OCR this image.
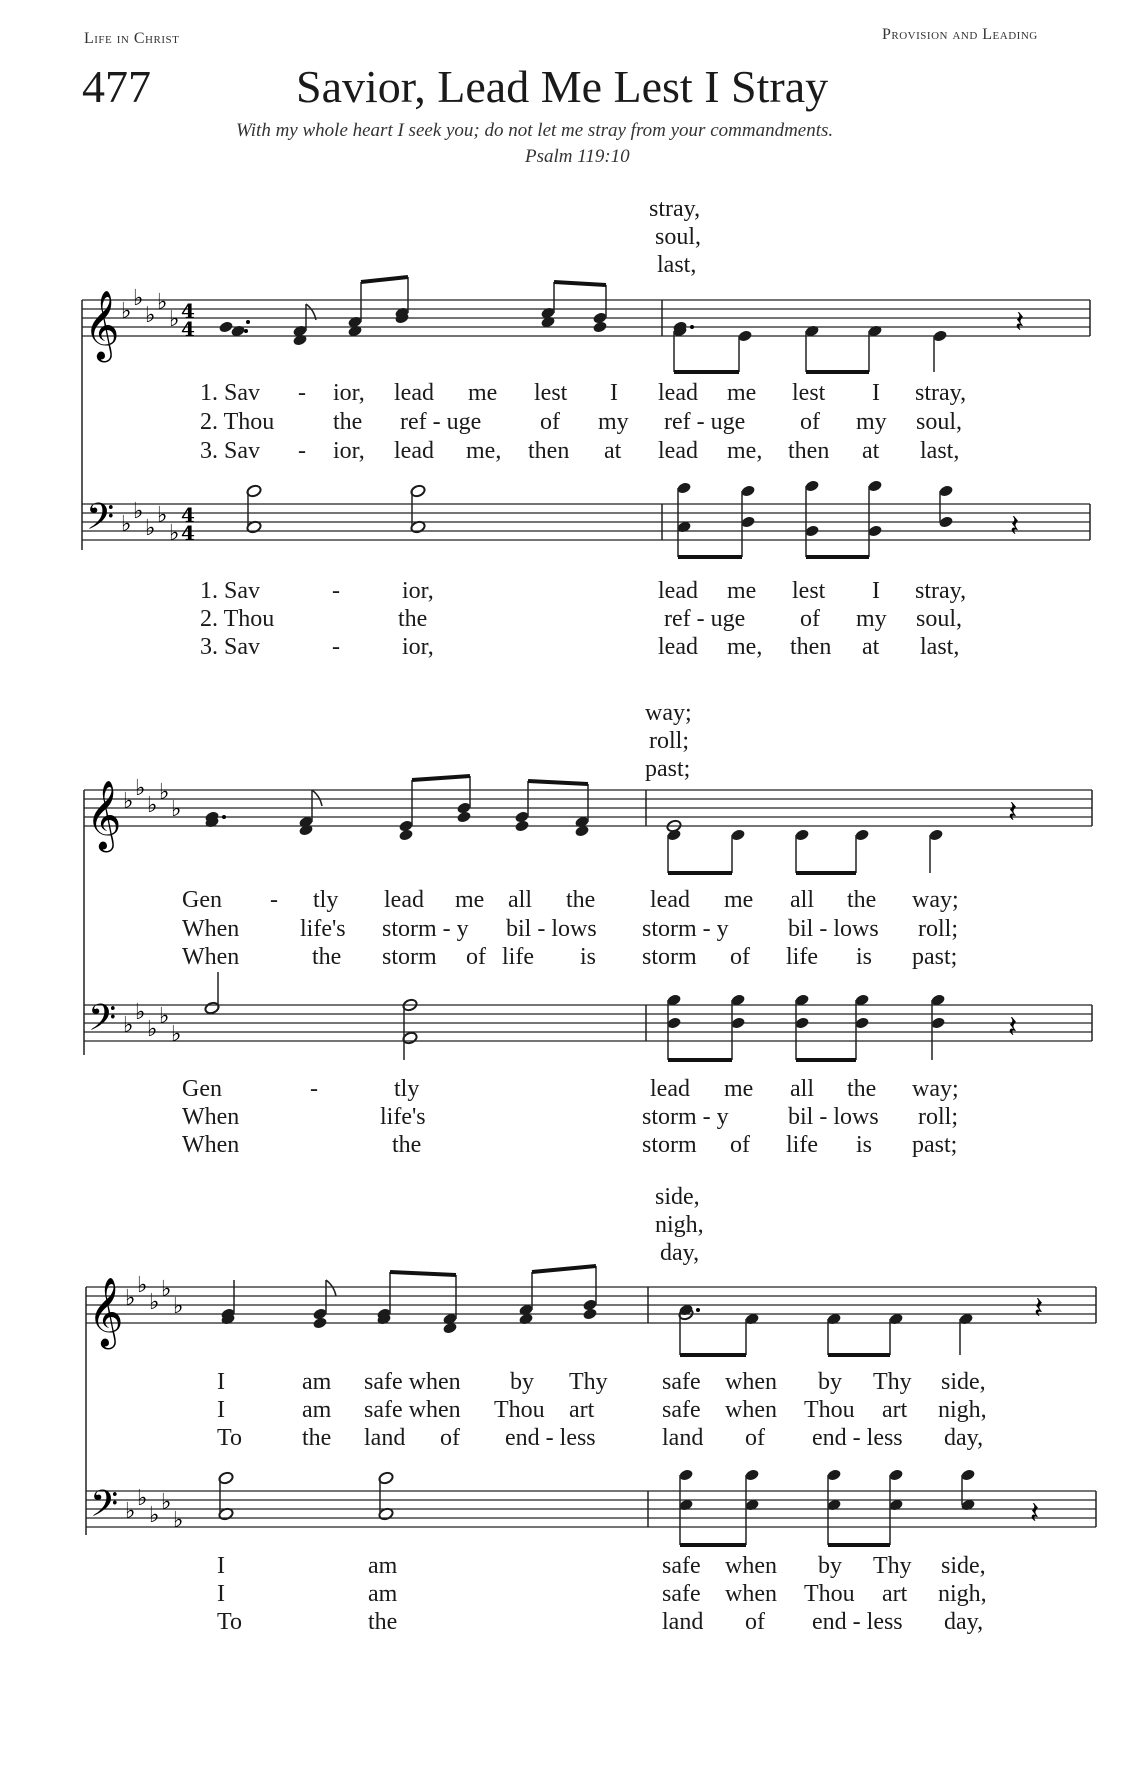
Life in Christ	Provision and Leading
477	Savior, Lead Me Lest I Stray
With my whole heart I seek you; do not let me stray from your commandments.
Psalm 119:10
stray,
soul,
last,
1. Sav - ior, lead me lest I lead me lest I stray,
2. Thou the ref - uge of my ref - uge of my soul,
3. Sav - ior, lead me, then at lead me, then at last,
1. Sav	-	ior,	lead me lest I stray,
2. Thou	the	ref - uge of my soul,
3. Sav	-	ior,	lead me, then at last,
way;
roll;
past;
Gen - tly lead me all the lead me all the way;
When	life's storm - y bil - lows storm - y bil - lows roll;
When	the storm of life is storm of life is past;
Gen	-	tly	lead me all the way;
When	life's	storm - y bil - lows roll;
When	the	storm of life is past;
side,
nigh,
day,
I	am safe when by Thy safe when by Thy side,
I	am safe when Thou art	safe when Thou art nigh,
To	the land of end - less	land of end - less day,
I	am	safe when by Thy side,
I	am	safe when Thou art nigh,
To	the	land of end - less day,
𝄞 ♭
♭
♭
♭
♭ 4
4	𝄽
𝄢 ♭
♭
♭
♭
♭
4
4	𝄽
𝄞 ♭
♭
♭
♭
♭	𝄽
𝄢 ♭
♭
♭
♭
♭	𝄽
𝄞 ♭
♭
♭
♭
♭	𝄽
𝄢 ♭
♭
♭
♭
♭	𝄽
